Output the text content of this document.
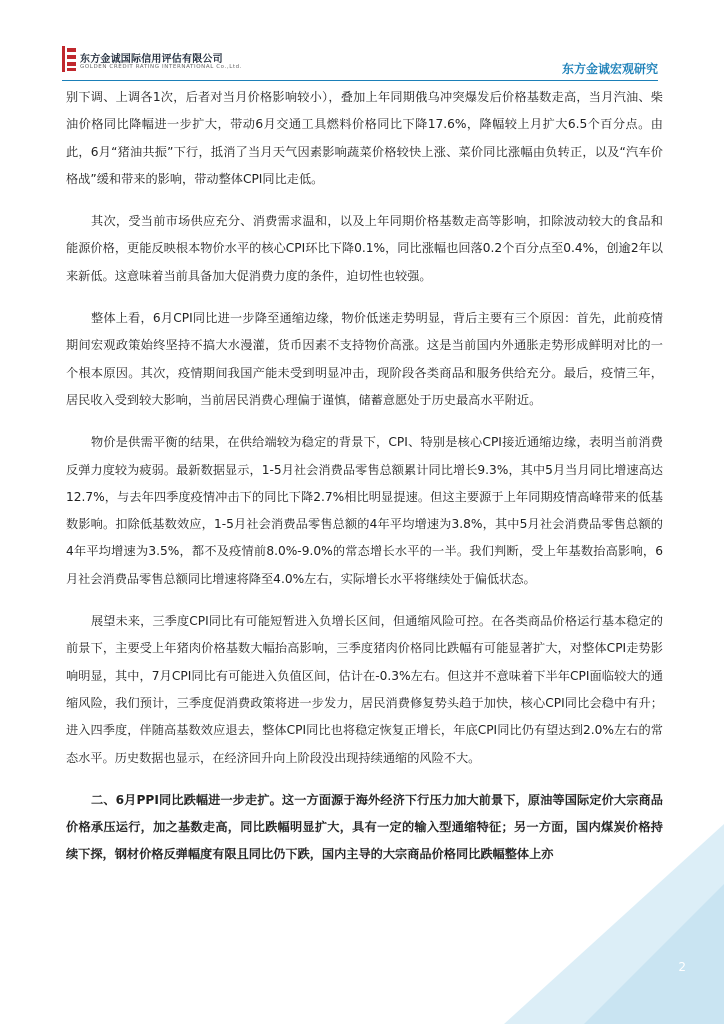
东方金诚国际信用评估有限公司
GOLDEN CREDIT RATING INTERNATIONAL Co.,Ltd.	东方金诚宏观研究

别下调、上调各1次，后者对当月价格影响较小），叠加上年同期俄乌冲突爆发后价格基数走高，当月汽油、柴油价格同比降幅进一步扩大，带动6月交通工具燃料价格同比下降17.6%，降幅较上月扩大6.5个百分点。由此，6月“猪油共振”下行，抵消了当月天气因素影响蔬菜价格较快上涨、菜价同比涨幅由负转正，以及“汽车价格战”缓和带来的影响，带动整体CPI同比走低。

其次，受当前市场供应充分、消费需求温和，以及上年同期价格基数走高等影响，扣除波动较大的食品和能源价格，更能反映根本物价水平的核心CPI环比下降0.1%，同比涨幅也回落0.2个百分点至0.4%，创逾2年以来新低。这意味着当前具备加大促消费力度的条件，迫切性也较强。

整体上看，6月CPI同比进一步降至通缩边缘，物价低迷走势明显，背后主要有三个原因：首先，此前疫情期间宏观政策始终坚持不搞大水漫灌，货币因素不支持物价高涨。这是当前国内外通胀走势形成鲜明对比的一个根本原因。其次，疫情期间我国产能未受到明显冲击，现阶段各类商品和服务供给充分。最后，疫情三年，居民收入受到较大影响，当前居民消费心理偏于谨慎，储蓄意愿处于历史最高水平附近。

物价是供需平衡的结果，在供给端较为稳定的背景下，CPI、特别是核心CPI接近通缩边缘，表明当前消费反弹力度较为疲弱。最新数据显示，1-5月社会消费品零售总额累计同比增长9.3%，其中5月当月同比增速高达12.7%，与去年四季度疫情冲击下的同比下降2.7%相比明显提速。但这主要源于上年同期疫情高峰带来的低基数影响。扣除低基数效应，1-5月社会消费品零售总额的4年平均增速为3.8%，其中5月社会消费品零售总额的4年平均增速为3.5%，都不及疫情前8.0%-9.0%的常态增长水平的一半。我们判断，受上年基数抬高影响，6月社会消费品零售总额同比增速将降至4.0%左右，实际增长水平将继续处于偏低状态。

展望未来，三季度CPI同比有可能短暂进入负增长区间，但通缩风险可控。在各类商品价格运行基本稳定的前景下，主要受上年猪肉价格基数大幅抬高影响，三季度猪肉价格同比跌幅有可能显著扩大，对整体CPI走势影响明显，其中，7月CPI同比有可能进入负值区间，估计在-0.3%左右。但这并不意味着下半年CPI面临较大的通缩风险，我们预计，三季度促消费政策将进一步发力，居民消费修复势头趋于加快，核心CPI同比会稳中有升；进入四季度，伴随高基数效应退去，整体CPI同比也将稳定恢复正增长，年底CPI同比仍有望达到2.0%左右的常态水平。历史数据也显示，在经济回升向上阶段没出现持续通缩的风险不大。

二、6月PPI同比跌幅进一步走扩。这一方面源于海外经济下行压力加大前景下，原油等国际定价大宗商品价格承压运行，加之基数走高，同比跌幅明显扩大，具有一定的输入型通缩特征；另一方面，国内煤炭价格持续下探，钢材价格反弹幅度有限且同比仍下跌，国内主导的大宗商品价格同比跌幅整体上亦

2
